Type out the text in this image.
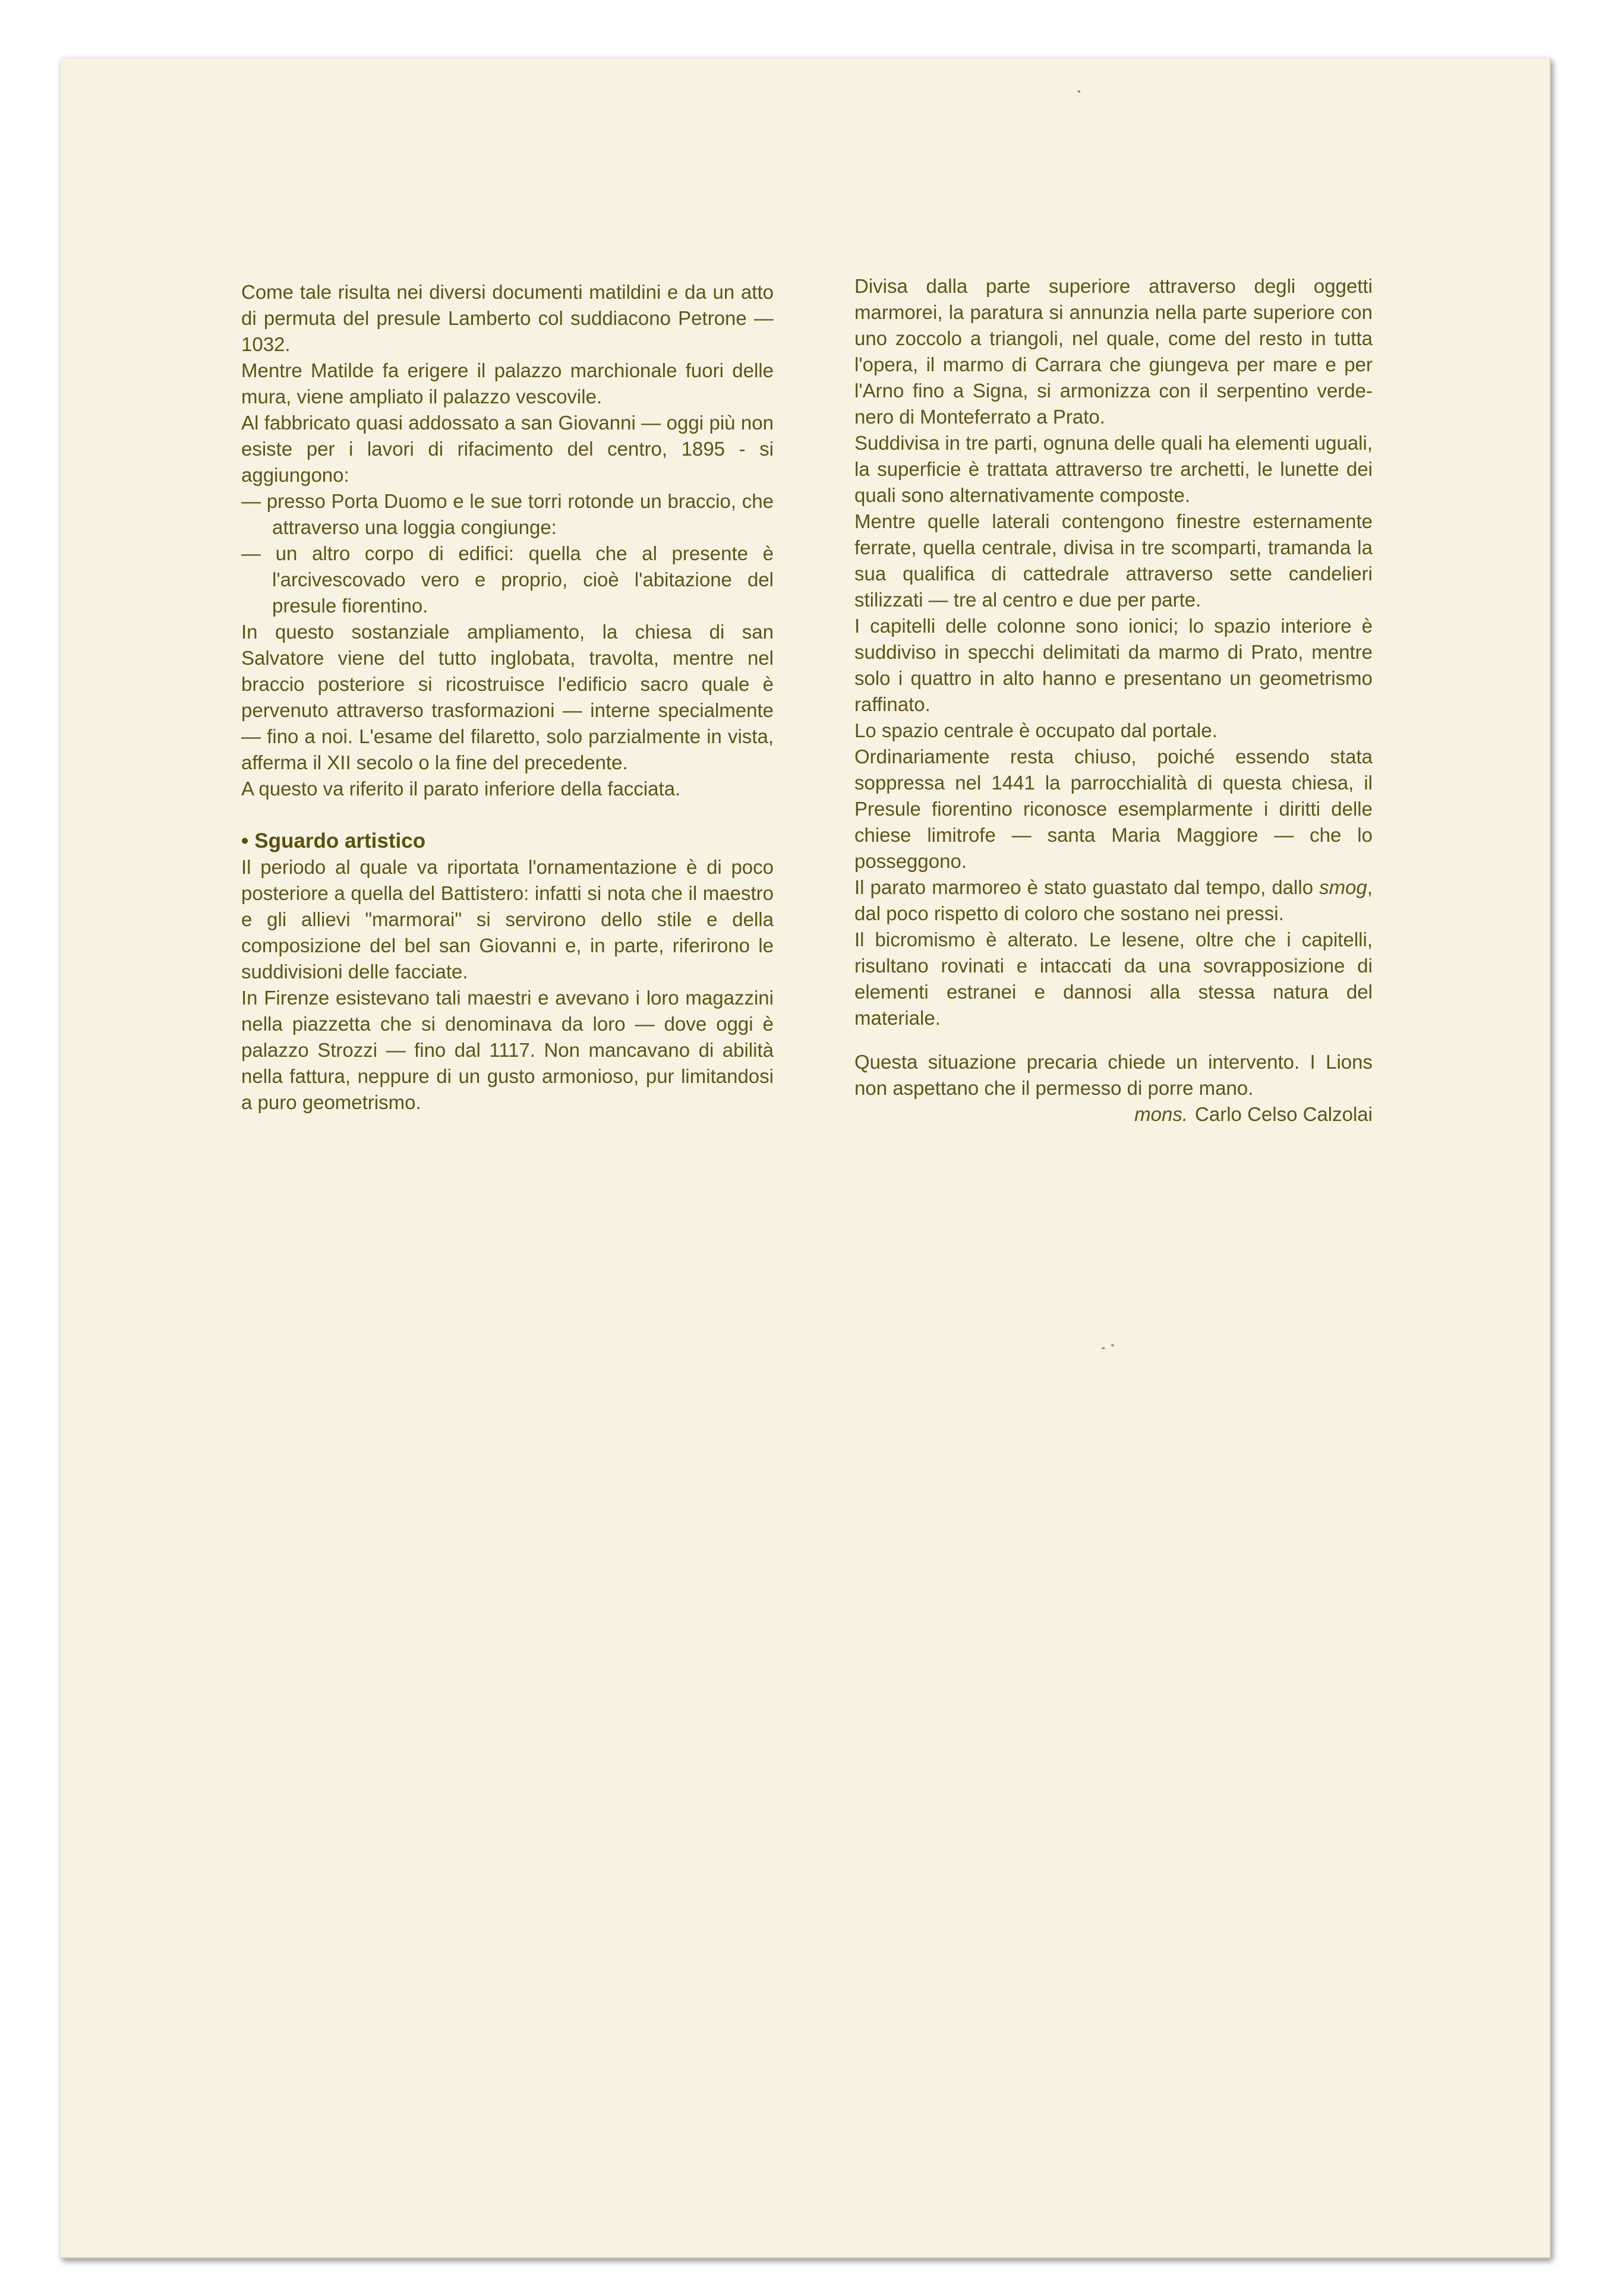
Come tale risulta nei diversi documenti matildini e da un atto di permuta del presule Lamberto col suddiacono Petrone — 1032.

Mentre Matilde fa erigere il palazzo marchionale fuori delle mura, viene ampliato il palazzo vescovile.

Al fabbricato quasi addossato a san Giovanni — oggi più non esiste per i lavori di rifacimento del centro, 1895 - si aggiungono:

— presso Porta Duomo e le sue torri rotonde un braccio, che attraverso una loggia congiunge:

— un altro corpo di edifici: quella che al presente è l'arcivescovado vero e proprio, cioè l'abitazione del presule fiorentino.

In questo sostanziale ampliamento, la chiesa di san Salvatore viene del tutto inglobata, travolta, mentre nel braccio posteriore si ricostruisce l'edificio sacro quale è pervenuto attraverso trasformazioni — interne specialmente — fino a noi. L'esame del filaretto, solo parzialmente in vista, afferma il XII secolo o la fine del precedente.

A questo va riferito il parato inferiore della facciata.

• Sguardo artistico

Il periodo al quale va riportata l'ornamentazione è di poco posteriore a quella del Battistero: infatti si nota che il maestro e gli allievi "marmorai" si servirono dello stile e della composizione del bel san Giovanni e, in parte, riferirono le suddivisioni delle facciate.

In Firenze esistevano tali maestri e avevano i loro magazzini nella piazzetta che si denominava da loro — dove oggi è palazzo Strozzi — fino dal 1117. Non mancavano di abilità nella fattura, neppure di un gusto armonioso, pur limitandosi a puro geometrismo.

Divisa dalla parte superiore attraverso degli oggetti marmorei, la paratura si annunzia nella parte superiore con uno zoccolo a triangoli, nel quale, come del resto in tutta l'opera, il marmo di Carrara che giungeva per mare e per l'Arno fino a Signa, si armonizza con il serpentino verde-nero di Monteferrato a Prato.

Suddivisa in tre parti, ognuna delle quali ha elementi uguali, la superficie è trattata attraverso tre archetti, le lunette dei quali sono alternativamente composte.

Mentre quelle laterali contengono finestre esternamente ferrate, quella centrale, divisa in tre scomparti, tramanda la sua qualifica di cattedrale attraverso sette candelieri stilizzati — tre al centro e due per parte.

I capitelli delle colonne sono ionici; lo spazio interiore è suddiviso in specchi delimitati da marmo di Prato, mentre solo i quattro in alto hanno e presentano un geometrismo raffinato.

Lo spazio centrale è occupato dal portale.

Ordinariamente resta chiuso, poiché essendo stata soppressa nel 1441 la parrocchialità di questa chiesa, il Presule fiorentino riconosce esemplarmente i diritti delle chiese limitrofe — santa Maria Maggiore — che lo posseggono.

Il parato marmoreo è stato guastato dal tempo, dallo smog, dal poco rispetto di coloro che sostano nei pressi.

Il bicromismo è alterato. Le lesene, oltre che i capitelli, risultano rovinati e intaccati da una sovrapposizione di elementi estranei e dannosi alla stessa natura del materiale.

Questa situazione precaria chiede un intervento. I Lions non aspettano che il permesso di porre mano.

mons. Carlo Celso Calzolai
